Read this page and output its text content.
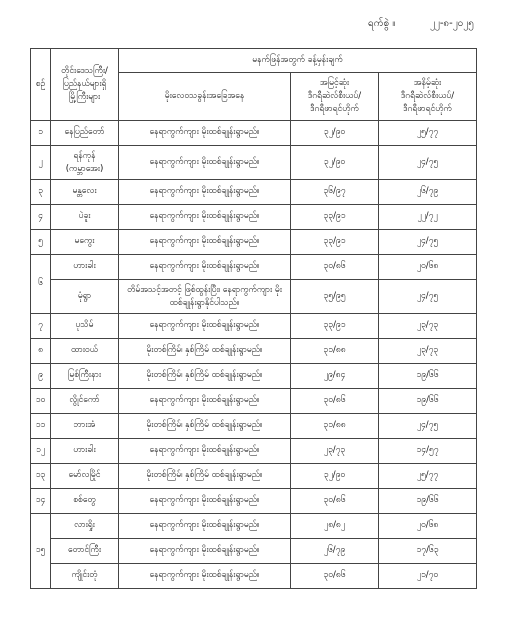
ရက်စွဲ ။	၂၂-၈-၂၀၂၅
စဉ်	တိုင်းဒေသကြီး/
ပြည်နယ်များရှိ
မြို့ကြီးများ	မနက်ဖြန်အတွက် ခန့်မှန်းချက်		
		မိုးလေဝသခွန်းအခြေအနေ	အမြင့်ဆုံး
ဒီဂရီဆဲလ်စီးယပ်/
ဒီဂရီဖာရင်ဟိုက်	အနိမ့်ဆုံး
ဒီဂရီဆဲလ်စီးယပ်/
ဒီဂရီဖာရင်ဟိုက်

၁	နေပြည်တော်	နေရာကွက်ကျား မိုးထစ်ချုန်းရွာမည်။	၃၂/၉၀	၂၅/၇၇
၂	ရန်ကုန်
(ကမ္ဘာအေး)	နေရာကွက်ကျား မိုးထစ်ချုန်းရွာမည်။	၃၂/၉၀	၂၄/၇၅
၃	မန္တလေး	နေရာကွက်ကျား မိုးထစ်ချုန်းရွာမည်။	၃၆/၉၇	၂၆/၇၉
၄	ပဲခူး	နေရာကွက်ကျား မိုးထစ်ချုန်းရွာမည်။	၃၃/၉၁	၂၂/၇၂
၅	မကွေး	နေရာကွက်ကျား မိုးထစ်ချုန်းရွာမည်။	၃၃/၉၁	၂၄/၇၅
၆	ဟားခါး	နေရာကွက်ကျား မိုးထစ်ချုန်းရွာမည်။	၃၀/၈၆	၂၀/၆၈
	မုံရွာ	တိမ်အသင့်အတင့် ဖြစ်ထွန်းပြီး၊ နေရာကွက်ကျား မိုးထစ်ချုန်းရွာနိုင်ပါသည်။	၃၅/၉၅	၂၄/၇၅
၇	ပုသိမ်	နေရာကွက်ကျား မိုးထစ်ချုန်းရွာမည်။	၃၃/၉၁	၂၃/၇၃
၈	ထားဝယ်	မိုးတစ်ကြိမ်၊ နှစ်ကြိမ် ထစ်ချုန်းရွာမည်။	၃၁/၈၈	၂၃/၇၃
၉	မြစ်ကြီးနား	မိုးတစ်ကြိမ်၊ နှစ်ကြိမ် ထစ်ချုန်းရွာမည်။	၂၉/၈၄	၁၉/၆၆
၁၀	လွိုင်ကော်	နေရာကွက်ကျား မိုးထစ်ချုန်းရွာမည်။	၃၀/၈၆	၁၉/၆၆
၁၁	ဘားအံ	မိုးတစ်ကြိမ်၊ နှစ်ကြိမ် ထစ်ချုန်းရွာမည်။	၃၁/၈၈	၂၄/၇၅
၁၂	ဟားခါး	နေရာကွက်ကျား မိုးထစ်ချုန်းရွာမည်။	၂၃/၇၃	၁၄/၅၇
၁၃	မော်လမြိုင်	မိုးတစ်ကြိမ်၊ နှစ်ကြိမ် ထစ်ချုန်းရွာမည်။	၃၂/၉၀	၂၅/၇၇
၁၄	စစ်တွေ	နေရာကွက်ကျား မိုးထစ်ချုန်းရွာမည်။	၃၀/၈၆	၁၉/၆၆
၁၅	လားရှိုး	နေရာကွက်ကျား မိုးထစ်ချုန်းရွာမည်။	၂၈/၈၂	၂၀/၆၈
	တောင်ကြီး	နေရာကွက်ကျား မိုးထစ်ချုန်းရွာမည်။	၂၆/၇၉	၁၇/၆၃
	ကျိုင်းတုံ	နေရာကွက်ကျား မိုးထစ်ချုန်းရွာမည်။	၃၀/၈၆	၂၁/၇၀
